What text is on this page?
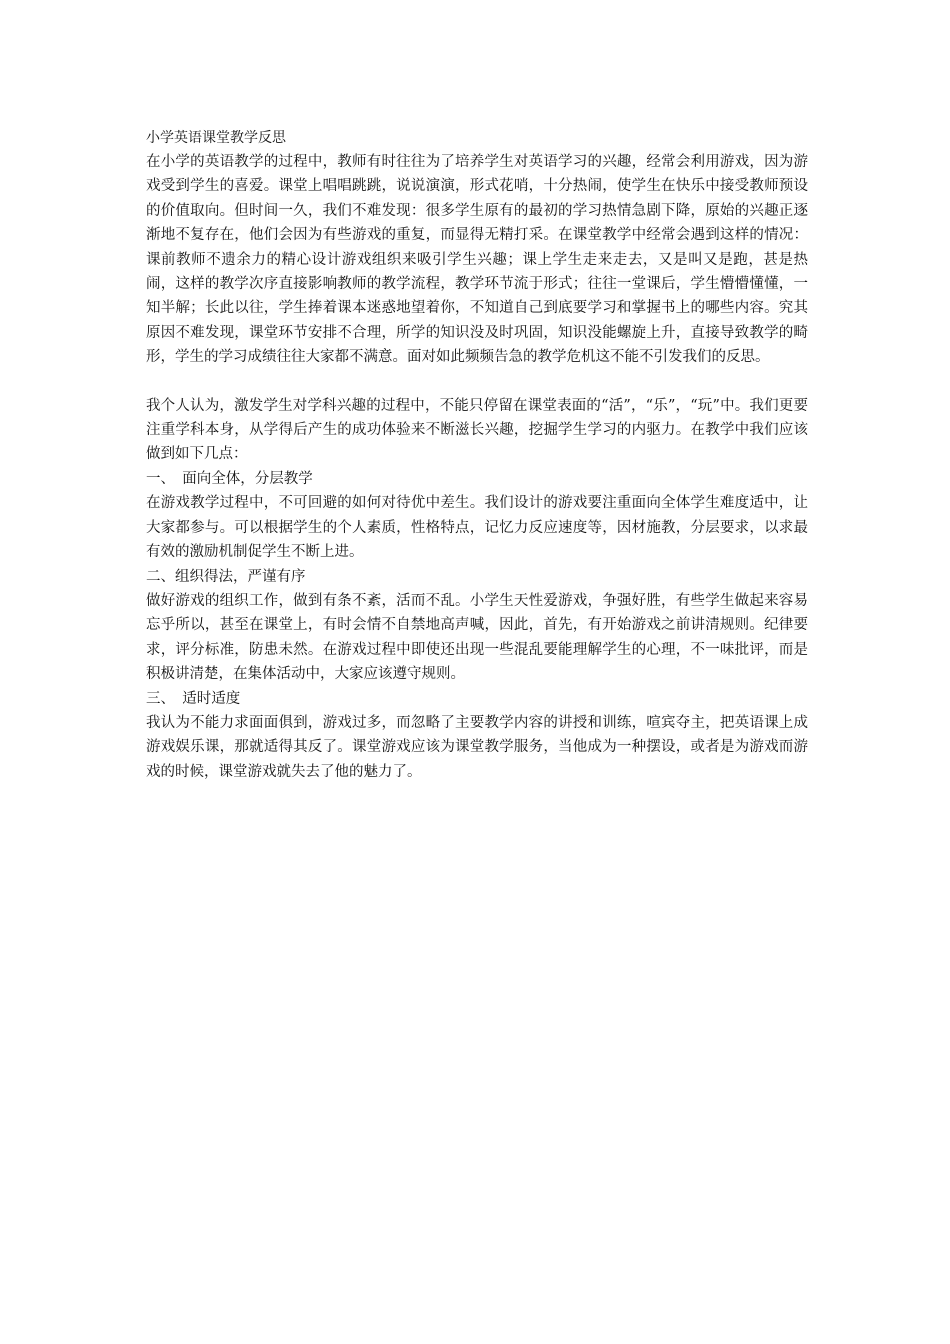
小学英语课堂教学反思

在小学的英语教学的过程中，教师有时往往为了培养学生对英语学习的兴趣，经常会利用游戏，因为游戏受到学生的喜爱。课堂上唱唱跳跳，说说演演，形式花哨，十分热闹，使学生在快乐中接受教师预设的价值取向。但时间一久，我们不难发现：很多学生原有的最初的学习热情急剧下降，原始的兴趣正逐渐地不复存在，他们会因为有些游戏的重复，而显得无精打采。在课堂教学中经常会遇到这样的情况：课前教师不遗余力的精心设计游戏组织来吸引学生兴趣；课上学生走来走去，又是叫又是跑，甚是热闹，这样的教学次序直接影响教师的教学流程，教学环节流于形式；往往一堂课后，学生懵懵懂懂，一知半解；长此以往，学生捧着课本迷惑地望着你，不知道自己到底要学习和掌握书上的哪些内容。究其原因不难发现，课堂环节安排不合理，所学的知识没及时巩固，知识没能螺旋上升，直接导致教学的畸形，学生的学习成绩往往大家都不满意。面对如此频频告急的教学危机这不能不引发我们的反思。

我个人认为，激发学生对学科兴趣的过程中，不能只停留在课堂表面的“活”，“乐”，“玩”中。我们更要注重学科本身，从学得后产生的成功体验来不断滋长兴趣，挖掘学生学习的内驱力。在教学中我们应该做到如下几点：

一、　面向全体，分层教学

在游戏教学过程中，不可回避的如何对待优中差生。我们设计的游戏要注重面向全体学生难度适中，让大家都参与。可以根据学生的个人素质，性格特点，记忆力反应速度等，因材施教，分层要求，以求最有效的激励机制促学生不断上进。

二、组织得法，严谨有序

做好游戏的组织工作，做到有条不紊，活而不乱。小学生天性爱游戏，争强好胜，有些学生做起来容易忘乎所以，甚至在课堂上，有时会情不自禁地高声喊，因此，首先，有开始游戏之前讲清规则。纪律要求，评分标准，防患未然。在游戏过程中即使还出现一些混乱要能理解学生的心理，不一味批评，而是积极讲清楚，在集体活动中，大家应该遵守规则。

三、　适时适度

我认为不能力求面面俱到，游戏过多，而忽略了主要教学内容的讲授和训练，喧宾夺主，把英语课上成游戏娱乐课，那就适得其反了。课堂游戏应该为课堂教学服务，当他成为一种摆设，或者是为游戏而游戏的时候，课堂游戏就失去了他的魅力了。
